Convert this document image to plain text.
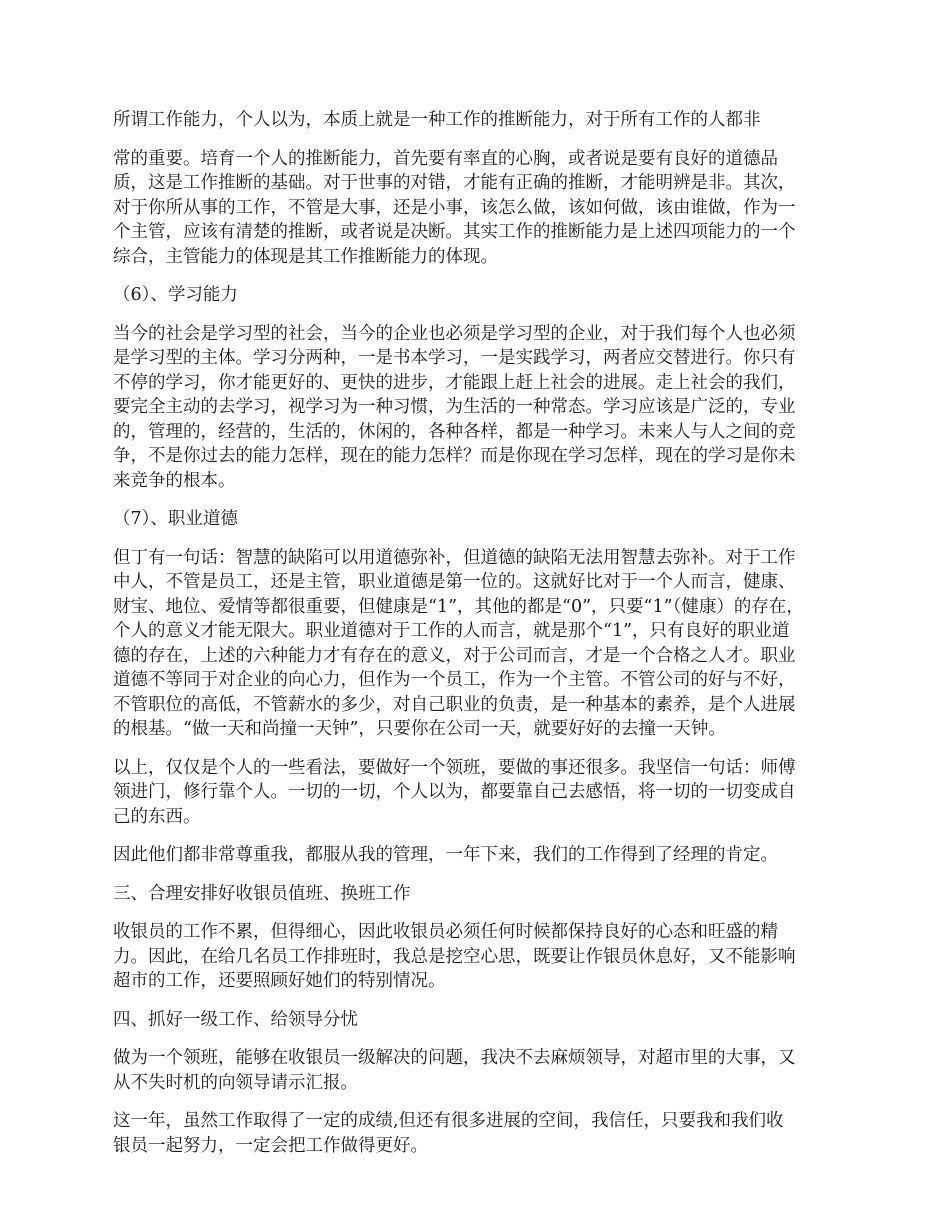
所谓工作能力，个人以为，本质上就是一种工作的推断能力，对于所有工作的人都非

常的重要。培育一个人的推断能力，首先要有率直的心胸，或者说是要有良好的道德品
质，这是工作推断的基础。对于世事的对错，才能有正确的推断，才能明辨是非。其次，
对于你所从事的工作，不管是大事，还是小事，该怎么做，该如何做，该由谁做，作为一
个主管，应该有清楚的推断，或者说是决断。其实工作的推断能力是上述四项能力的一个
综合，主管能力的体现是其工作推断能力的体现。

（6）、学习能力

当今的社会是学习型的社会，当今的企业也必须是学习型的企业，对于我们每个人也必须
是学习型的主体。学习分两种，一是书本学习，一是实践学习，两者应交替进行。你只有
不停的学习，你才能更好的、更快的进步，才能跟上赶上社会的进展。走上社会的我们，
要完全主动的去学习，视学习为一种习惯，为生活的一种常态。学习应该是广泛的，专业
的，管理的，经营的，生活的，休闲的，各种各样，都是一种学习。未来人与人之间的竞
争，不是你过去的能力怎样，现在的能力怎样？而是你现在学习怎样，现在的学习是你未
来竞争的根本。

（7）、职业道德

但丁有一句话：智慧的缺陷可以用道德弥补，但道德的缺陷无法用智慧去弥补。对于工作
中人，不管是员工，还是主管，职业道德是第一位的。这就好比对于一个人而言，健康、
财宝、地位、爱情等都很重要，但健康是“1”，其他的都是“0”，只要“1”（健康）的存在，
个人的意义才能无限大。职业道德对于工作的人而言，就是那个“1”，只有良好的职业道
德的存在，上述的六种能力才有存在的意义，对于公司而言，才是一个合格之人才。职业
道德不等同于对企业的向心力，但作为一个员工，作为一个主管。不管公司的好与不好，
不管职位的高低，不管薪水的多少，对自己职业的负责，是一种基本的素养，是个人进展
的根基。“做一天和尚撞一天钟”，只要你在公司一天，就要好好的去撞一天钟。

以上，仅仅是个人的一些看法，要做好一个领班，要做的事还很多。我坚信一句话：师傅
领进门，修行靠个人。一切的一切，个人以为，都要靠自己去感悟，将一切的一切变成自
己的东西。

因此他们都非常尊重我，都服从我的管理，一年下来，我们的工作得到了经理的肯定。

三、合理安排好收银员值班、换班工作

收银员的工作不累，但得细心，因此收银员必须任何时候都保持良好的心态和旺盛的精
力。因此，在给几名员工作排班时，我总是挖空心思，既要让作银员休息好，又不能影响
超市的工作，还要照顾好她们的特别情况。

四、抓好一级工作、给领导分忧

做为一个领班，能够在收银员一级解决的问题，我决不去麻烦领导，对超市里的大事，又
从不失时机的向领导请示汇报。

这一年，虽然工作取得了一定的成绩,但还有很多进展的空间，我信任，只要我和我们收
银员一起努力，一定会把工作做得更好。
